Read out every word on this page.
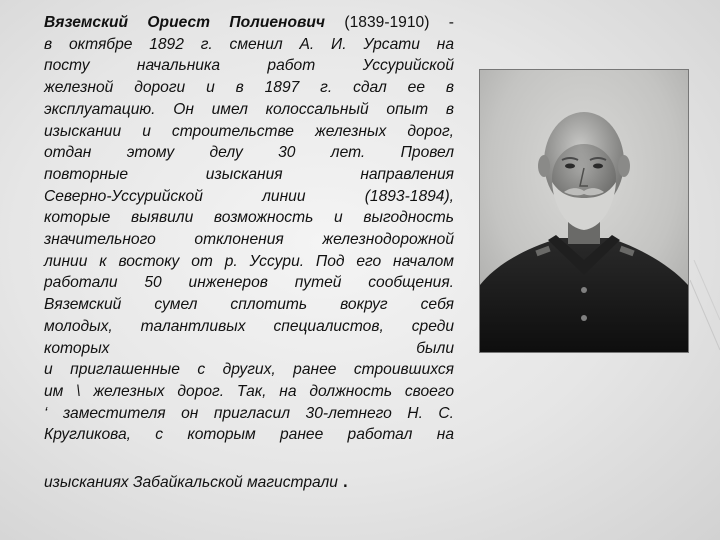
Вяземский Ориест Полиенович (1839-1910) -
в октябре 1892 г. сменил А. И. Урсати на
посту начальника работ Уссурийской
железной дороги и в 1897 г. сдал ее в
эксплуатацию. Он имел колоссальный опыт в
изыскании и строительстве железных дорог,
отдан этому делу 30 лет. Провел
повторные изыскания направления
Северно-Уссурийской линии (1893-1894),
которые выявили возможность и выгодность
значительного отклонения железнодорожной
линии к востоку от р. Уссури. Под его началом
работали 50 инженеров путей сообщения.
Вяземский сумел сплотить вокруг себя
молодых, талантливых специалистов, среди
которых были
и приглашенные с других, ранее строившихся
им \ железных дорог. Так, на должность своего
‘ заместителя он пригласил 30-летнего Н. С.
Кругликова, с которым ранее работал на
изысканиях Забайкальской магистрали .
